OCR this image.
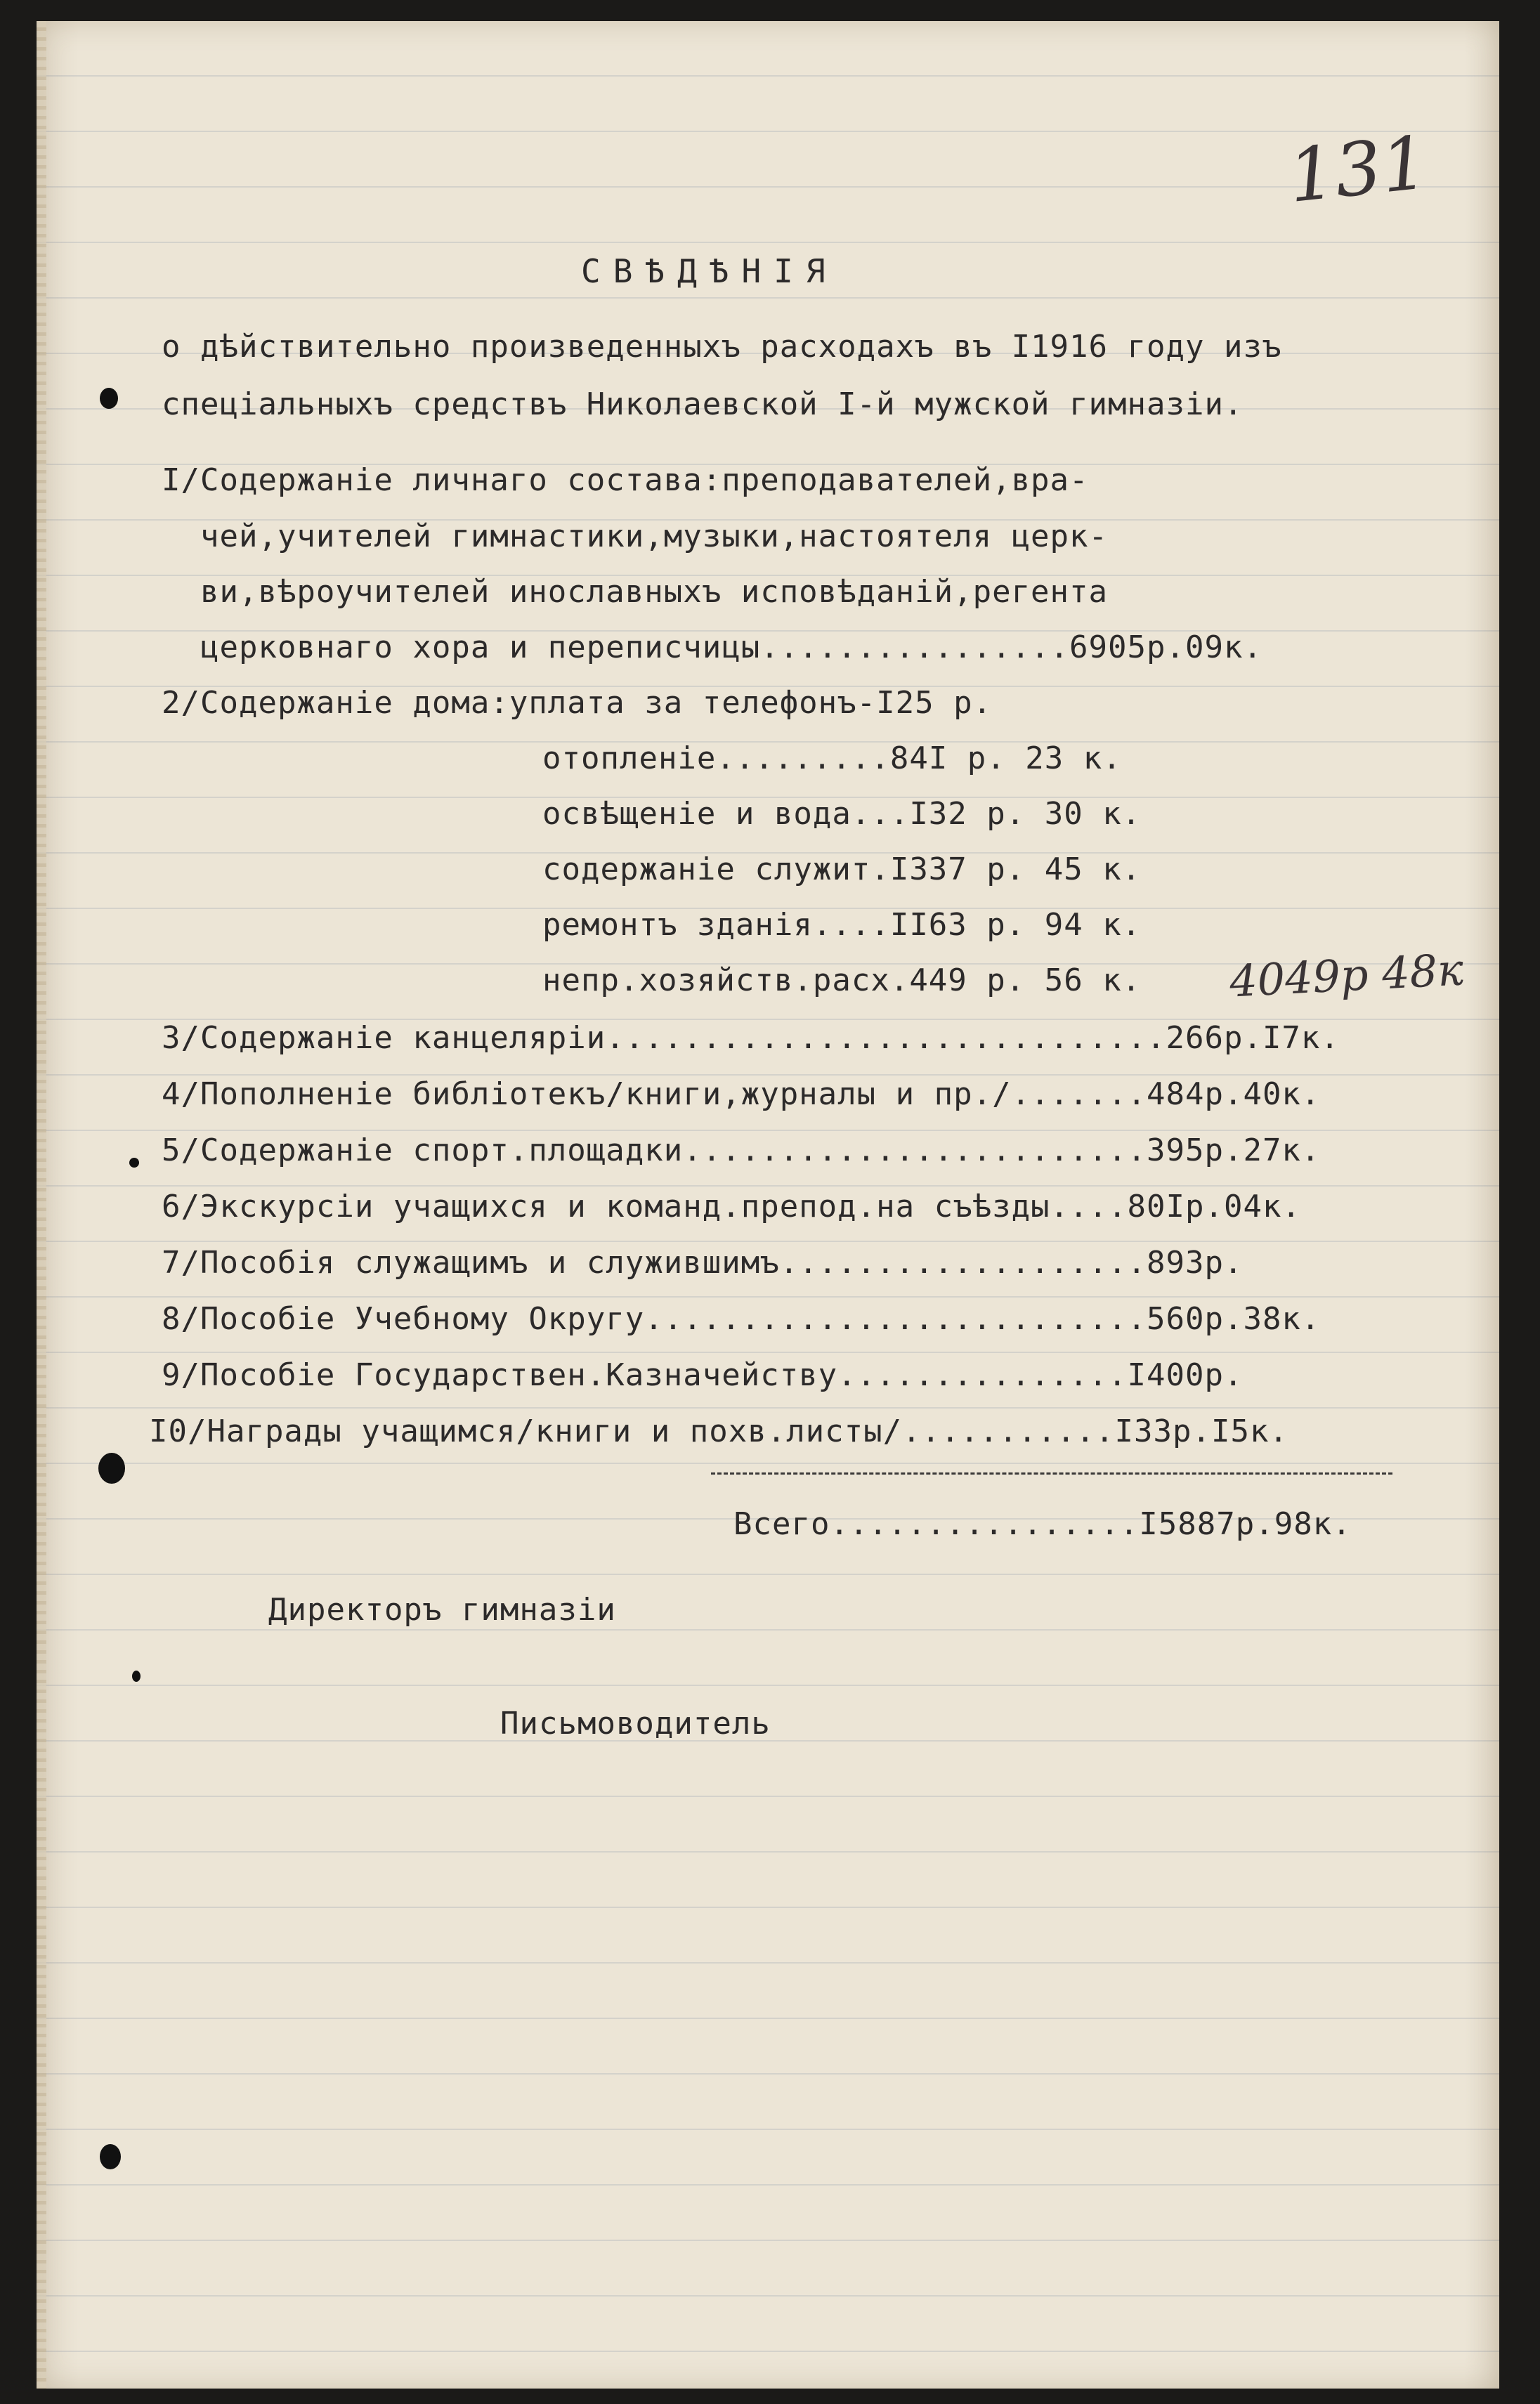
131
СВѢДѢНІЯ
о дѣйствительно произведенныхъ расходахъ въ I1916 году изъ
спецiальныхъ средствъ Николаевской I-й мужской гимназiи.
I/Содержанiе личнаго состава:преподавателей,вра-
чей,учителей гимнастики,музыки,настоятеля церк-
ви,вѣроучителей инославныхъ исповѣданiй,регента
церковнаго хора и переписчицы................6905р.09к.
2/Содержанiе дома:уплата за телефонъ-I25 р.
отопленiе.........84I р. 23 к.
освѣщенiе и вода...I32 р. 30 к.
содержанiе служит.I337 р. 45 к.
ремонтъ зданiя....II63 р. 94 к.
непр.хозяйств.расх.449 р. 56 к. 4049р 48к
3/Содержанiе канцелярiи.............................266р.I7к.
4/Пополненiе библiотекъ/книги,журналы и пр./.......484р.40к.
5/Содержанiе спорт.площадки........................395р.27к.
6/Экскурсiи учащихся и команд.препод.на съѣзды....80Iр.04к.
7/Пособiя служащимъ и служившимъ...................893р.
8/Пособiе Учебному Округу..........................560р.38к.
9/Пособiе Государствен.Казначейству...............I400р.
I0/Награды учащимся/книги и похв.листы/...........I33р.I5к.
Всего................I5887р.98к.
Директоръ гимназiи
Письмоводитель
